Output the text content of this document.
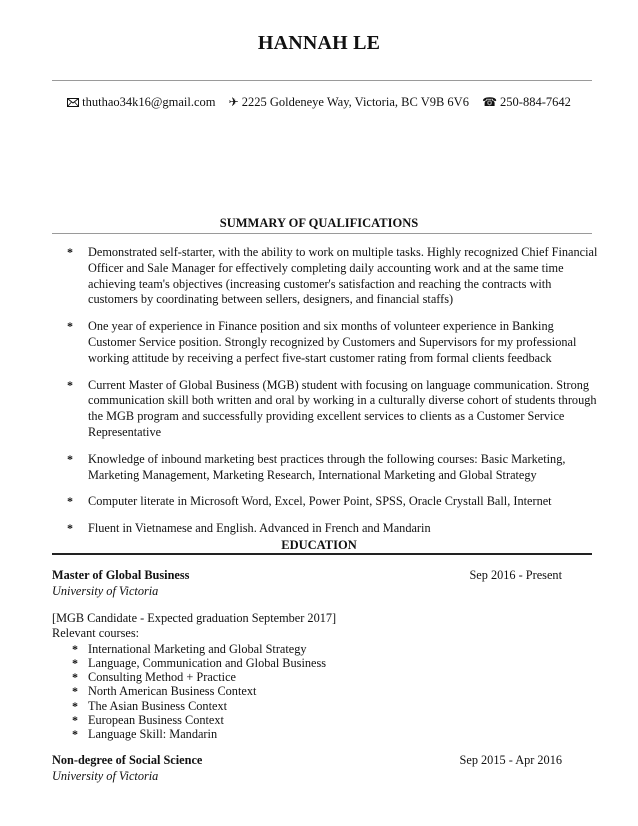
HANNAH LE
thuthao34k16@gmail.com ✈ 2225 Goldeneye Way, Victoria, BC V9B 6V6 ☎ 250-884-7642
SUMMARY OF QUALIFICATIONS
* Demonstrated self-starter, with the ability to work on multiple tasks. Highly recognized Chief Financial Officer and Sale Manager for effectively completing daily accounting work and at the same time achieving team's objectives (increasing customer's satisfaction and reaching the contracts with customers by coordinating between sellers, designers, and financial staffs)
* One year of experience in Finance position and six months of volunteer experience in Banking Customer Service position. Strongly recognized by Customers and Supervisors for my professional working attitude by receiving a perfect five-start customer rating from formal clients feedback
* Current Master of Global Business (MGB) student with focusing on language communication. Strong communication skill both written and oral by working in a culturally diverse cohort of students through the MGB program and successfully providing excellent services to clients as a Customer Service Representative
* Knowledge of inbound marketing best practices through the following courses: Basic Marketing, Marketing Management, Marketing Research, International Marketing and Global Strategy
* Computer literate in Microsoft Word, Excel, Power Point, SPSS, Oracle Crystall Ball, Internet
* Fluent in Vietnamese and English. Advanced in French and Mandarin
EDUCATION
Master of Global Business	Sep 2016 - Present
University of Victoria
[MGB Candidate - Expected graduation September 2017]
Relevant courses:
* International Marketing and Global Strategy
* Language, Communication and Global Business
* Consulting Method + Practice
* North American Business Context
* The Asian Business Context
* European Business Context
* Language Skill: Mandarin
Non-degree of Social Science	Sep 2015 - Apr 2016
University of Victoria
